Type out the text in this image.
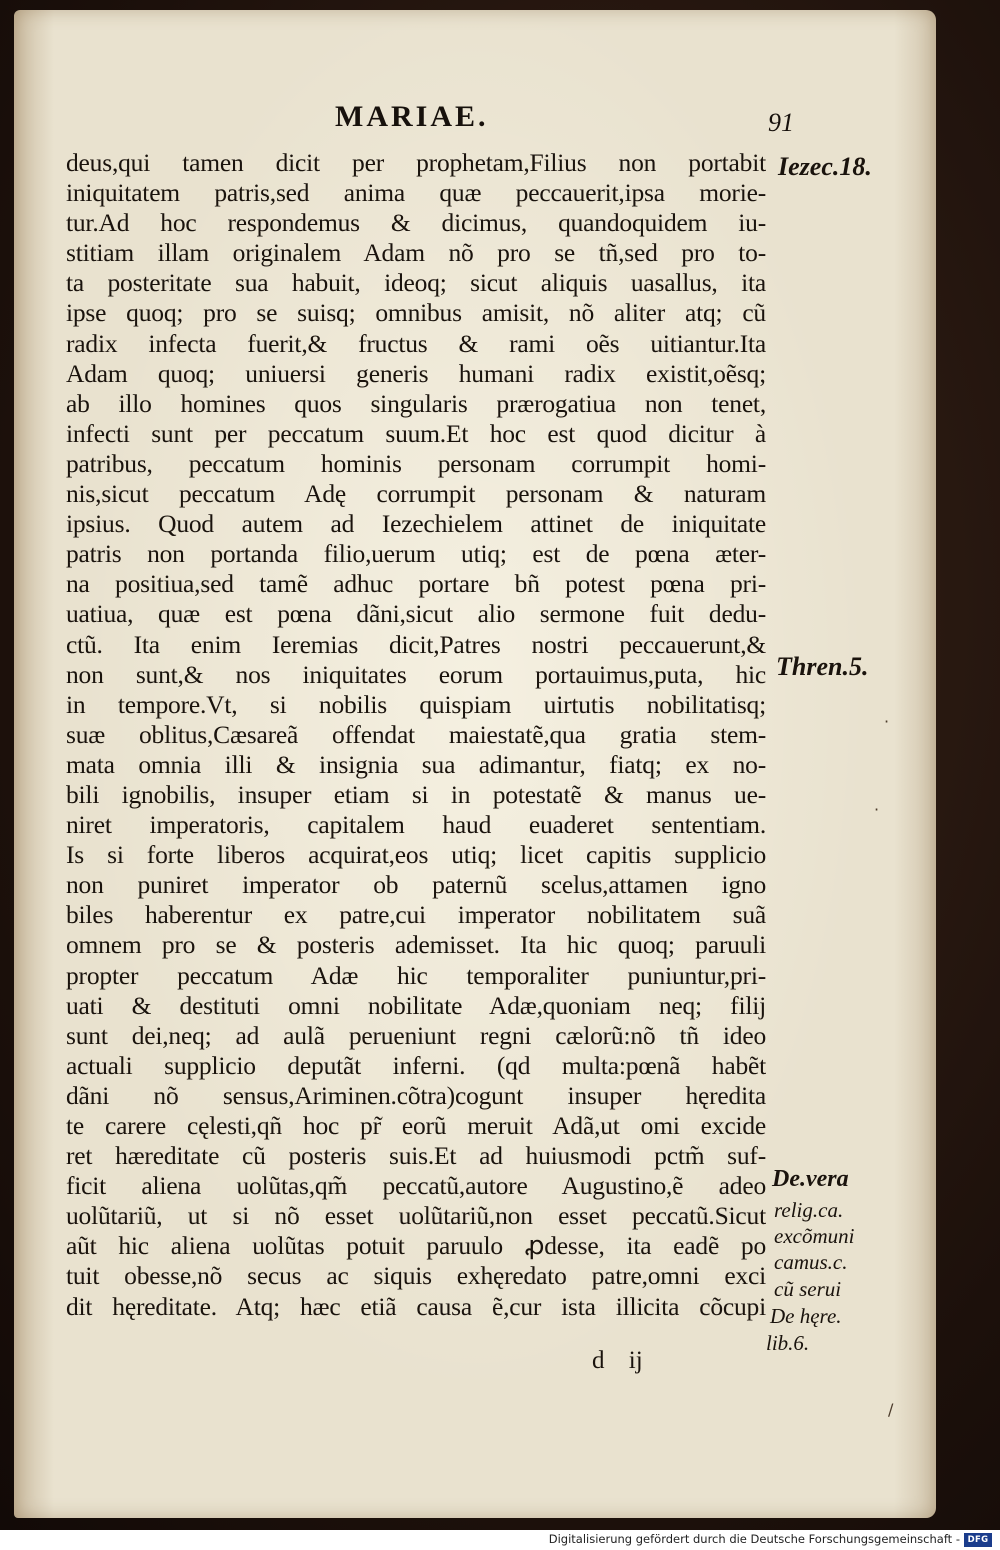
MARIAE.	91
deus,qui tamen dicit per prophetam,Filius non portabit
iniquitatem patris,sed anima quæ peccauerit,ipsa morie-
tur.Ad hoc respondemus & dicimus, quandoquidem iu-
stitiam illam originalem Adam nõ pro se tñ,sed pro to-
ta posteritate sua habuit, ideoq; sicut aliquis uasallus, ita
ipse quoq; pro se suisq; omnibus amisit, nõ aliter atq; cũ
radix infecta fuerit,& fructus & rami oẽs uitiantur.Ita
Adam quoq; uniuersi generis humani radix existit,oẽsq;
ab illo homines quos singularis prærogatiua non tenet,
infecti sunt per peccatum suum.Et hoc est quod dicitur à
patribus, peccatum hominis personam corrumpit homi-
nis,sicut peccatum Adę corrumpit personam & naturam
ipsius. Quod autem ad Iezechielem attinet de iniquitate
patris non portanda filio,uerum utiq; est de pœna æter-
na positiua,sed tamẽ adhuc portare bñ potest pœna pri-
uatiua, quæ est pœna dãni,sicut alio sermone fuit dedu-
ctũ. Ita enim Ieremias dicit,Patres nostri peccauerunt,&
non sunt,& nos iniquitates eorum portauimus,puta, hic
in tempore.Vt, si nobilis quispiam uirtutis nobilitatisq;
suæ oblitus,Cæsareã offendat maiestatẽ,qua gratia stem-
mata omnia illi & insignia sua adimantur, fiatq; ex no-
bili ignobilis, insuper etiam si in potestatẽ & manus ue-
niret imperatoris, capitalem haud euaderet sententiam.
Is si forte liberos acquirat,eos utiq; licet capitis supplicio
non puniret imperator ob paternũ scelus,attamen igno
biles haberentur ex patre,cui imperator nobilitatem suã
omnem pro se & posteris ademisset. Ita hic quoq; paruuli
propter peccatum Adæ hic temporaliter puniuntur,pri-
uati & destituti omni nobilitate Adæ,quoniam neq; filij
sunt dei,neq; ad aulã perueniunt regni cælorũ:nõ tñ ideo
actuali supplicio deputãt inferni. (qd multa:pœnã habẽt
dãni nõ sensus,Ariminen.cõtra)cogunt insuper hęredita
te carere cęlesti,qñ hoc pr̃ eorũ meruit Adã,ut omi excide
ret hæreditate cũ posteris suis.Et ad huiusmodi pctm̃ suf-
ficit aliena uolũtas,qm̃ peccatũ,autore Augustino,ẽ adeo
uolũtariũ, ut si nõ esset uolũtariũ,non esset peccatũ.Sicut
aũt hic aliena uolũtas potuit paruulo ꝓdesse, ita eadẽ po
tuit obesse,nõ secus ac siquis exhęredato patre,omni exci
dit hęreditate. Atq; hæc etiã causa ẽ,cur ista illicita cõcupi
Iezec.18.
Thren.5.
De.vera
relig.ca.
excõmuni
camus.c.
cũ serui
De hęre.
lib.6.
·
·
/
d ij
Digitalisierung gefördert durch die Deutsche Forschungsgemeinschaft - DFG
